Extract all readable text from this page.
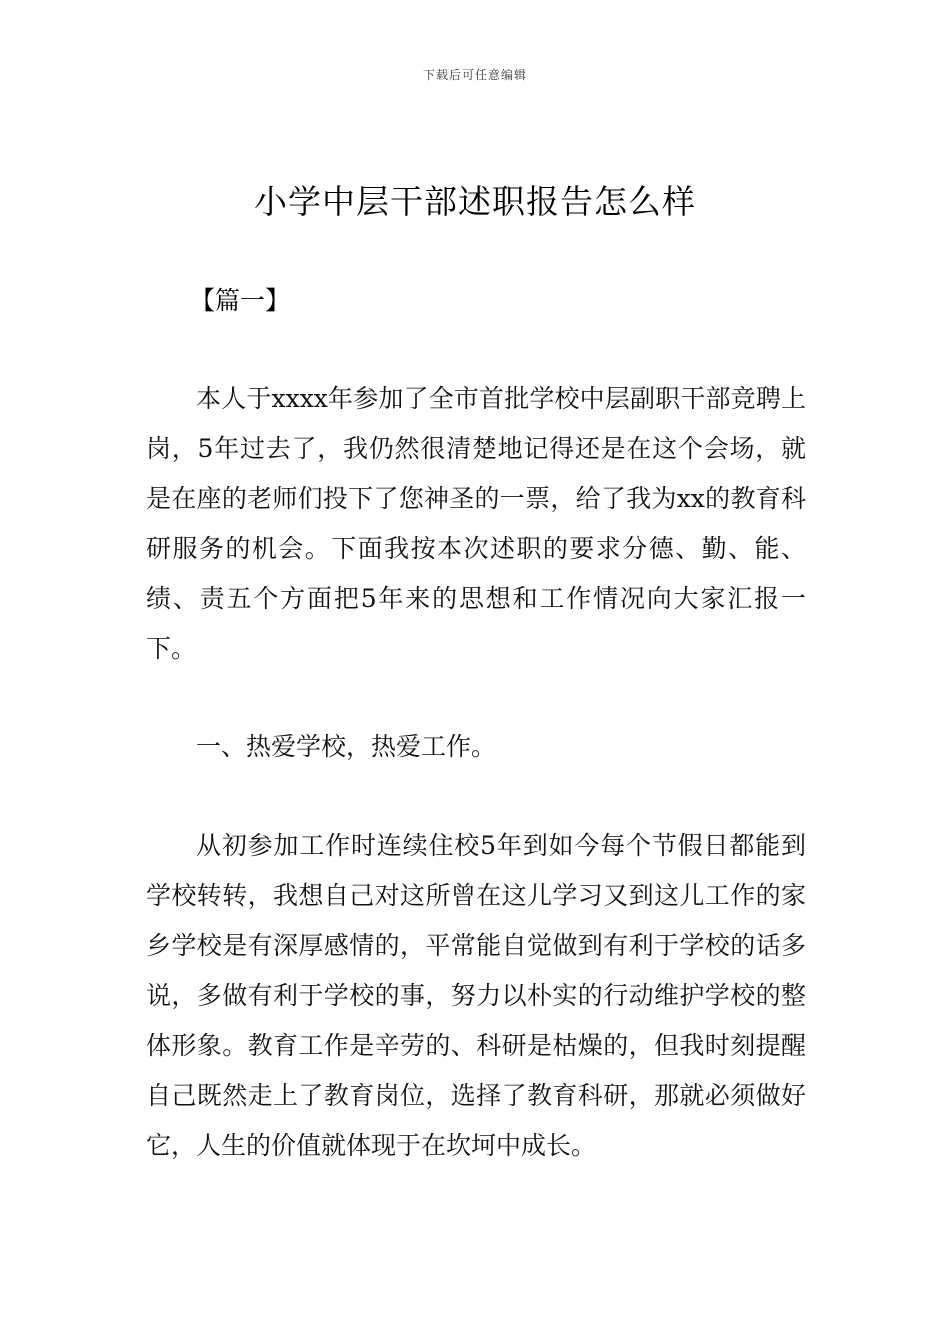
下载后可任意编辑
小学中层干部述职报告怎么样
【篇一】

本人于xxxx年参加了全市首批学校中层副职干部竞聘上岗，5年过去了，我仍然很清楚地记得还是在这个会场，就是在座的老师们投下了您神圣的一票，给了我为xx的教育科研服务的机会。下面我按本次述职的要求分德、勤、能、绩、责五个方面把5年来的思想和工作情况向大家汇报一下。

一、热爱学校，热爱工作。

从初参加工作时连续住校5年到如今每个节假日都能到学校转转，我想自己对这所曾在这儿学习又到这儿工作的家乡学校是有深厚感情的，平常能自觉做到有利于学校的话多说，多做有利于学校的事，努力以朴实的行动维护学校的整体形象。教育工作是辛劳的、科研是枯燥的，但我时刻提醒自己既然走上了教育岗位，选择了教育科研，那就必须做好它，人生的价值就体现于在坎坷中成长。
